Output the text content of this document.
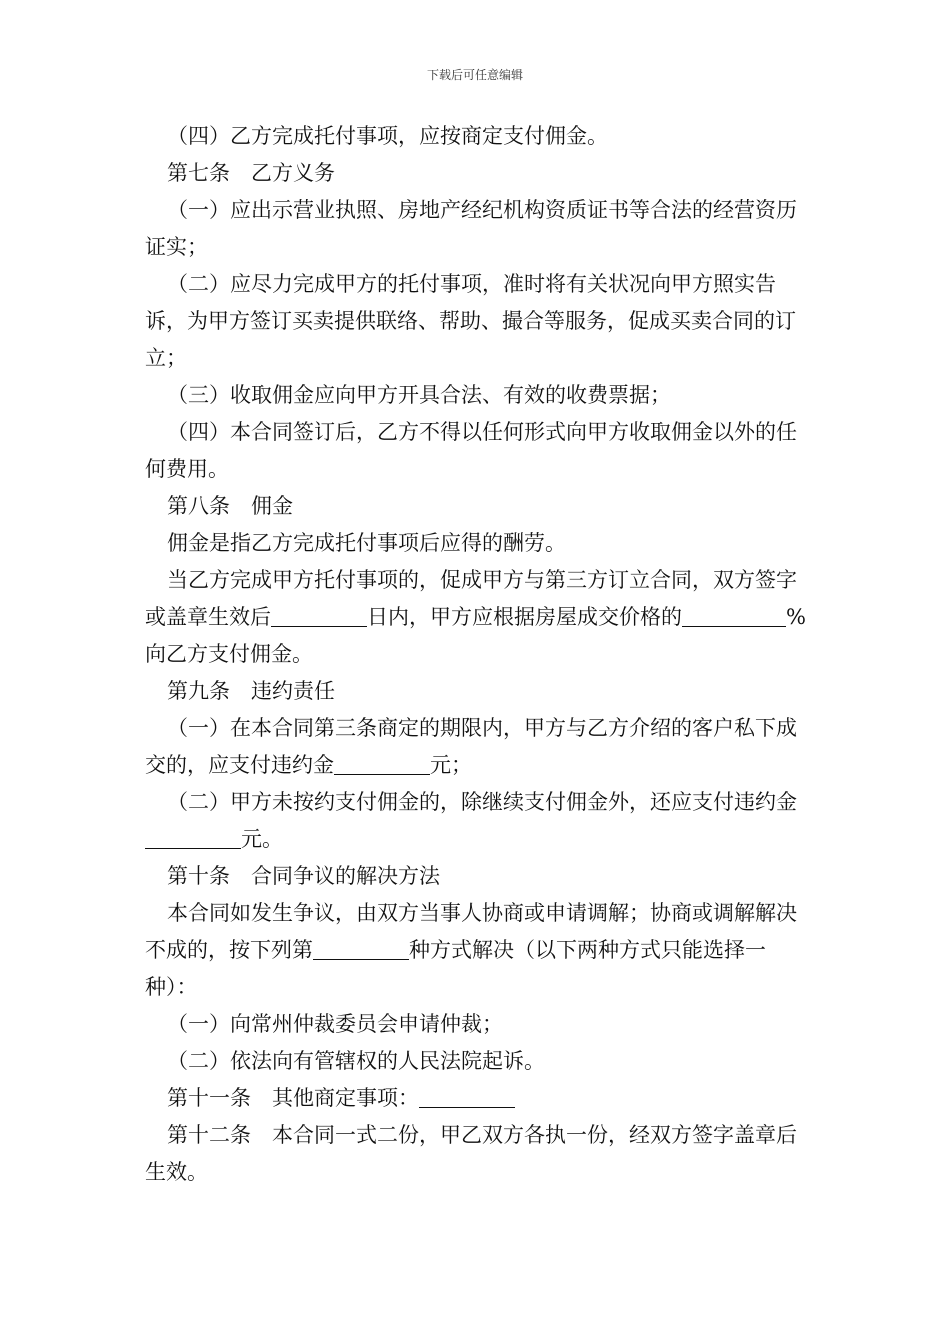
下载后可任意编辑

（四）乙方完成托付事项，应按商定支付佣金。

第七条　乙方义务

（一）应出示营业执照、房地产经纪机构资质证书等合法的经营资历证实；

（二）应尽力完成甲方的托付事项，准时将有关状况向甲方照实告诉，为甲方签订买卖提供联络、帮助、撮合等服务，促成买卖合同的订立；

（三）收取佣金应向甲方开具合法、有效的收费票据；

（四）本合同签订后，乙方不得以任何形式向甲方收取佣金以外的任何费用。

第八条　佣金

佣金是指乙方完成托付事项后应得的酬劳。

当乙方完成甲方托付事项的，促成甲方与第三方订立合同，双方签字或盖章生效后	日内，甲方应根据房屋成交价格的	%向乙方支付佣金。

第九条　违约责任

（一）在本合同第三条商定的期限内，甲方与乙方介绍的客户私下成交的，应支付违约金	元；

（二）甲方未按约支付佣金的，除继续支付佣金外，还应支付违约金元。

第十条　合同争议的解决方法

本合同如发生争议，由双方当事人协商或申请调解；协商或调解解决不成的，按下列第	种方式解决（以下两种方式只能选择一种）：

（一）向常州仲裁委员会申请仲裁；

（二）依法向有管辖权的人民法院起诉。

第十一条　其他商定事项：

第十二条　本合同一式二份，甲乙双方各执一份，经双方签字盖章后生效。
